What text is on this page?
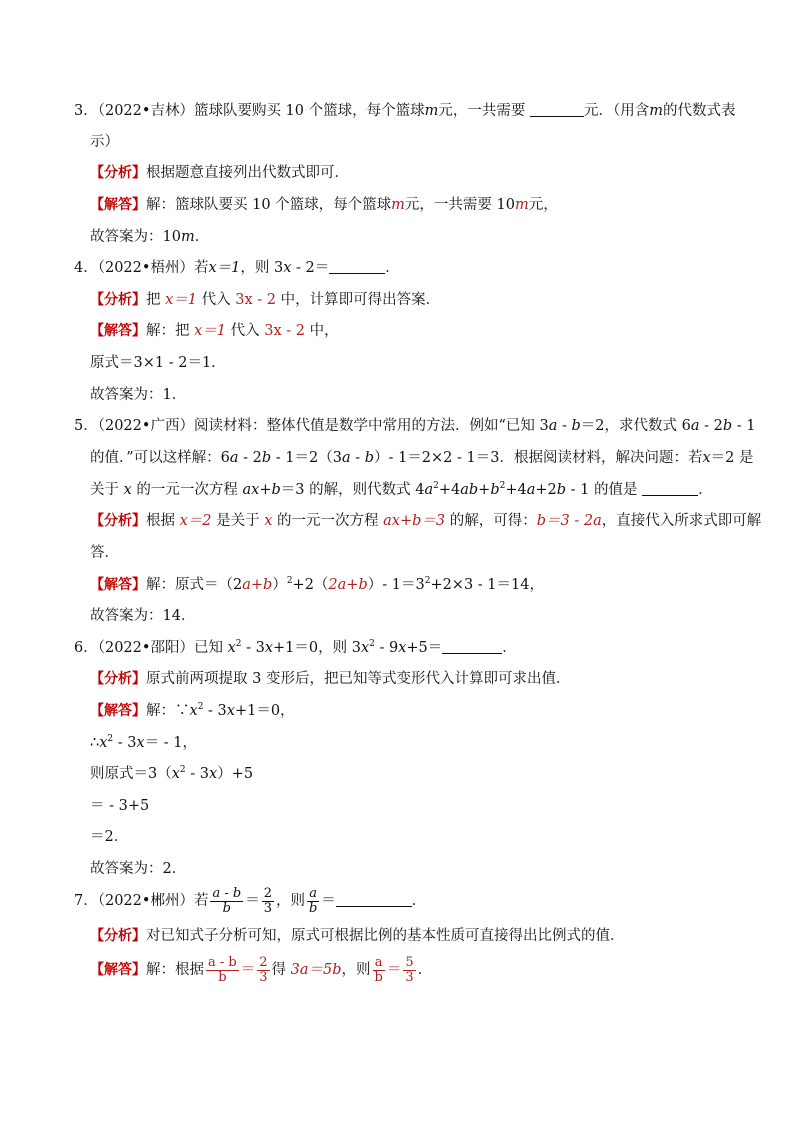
3．（2022•吉林）篮球队要购买 10 个篮球，每个篮球m元，一共需要	元．（用含m的代数式表
示）
【分析】根据题意直接列出代数式即可．
【解答】解：篮球队要买 10 个篮球，每个篮球m元，一共需要 10m元，
故答案为：10m．
4．（2022•梧州）若x＝1，则 3x - 2＝	．
【分析】把 x＝1 代入 3x - 2 中，计算即可得出答案．
【解答】解：把 x＝1 代入 3x - 2 中，
原式＝3×1 - 2＝1．
故答案为：1．
5．（2022•广西）阅读材料：整体代值是数学中常用的方法．例如“已知 3a - b＝2，求代数式 6a - 2b - 1
的值．”可以这样解：6a - 2b - 1＝2（3a - b）- 1＝2×2 - 1＝3．根据阅读材料，解决问题：若x＝2 是
关于 x 的一元一次方程 ax+b＝3 的解，则代数式 $4a^2+4ab+b^2+4a+2b - 1$ 的值是	．
【分析】根据 x＝2 是关于 x 的一元一次方程 ax+b＝3 的解，可得：b＝3 - 2a，直接代入所求式即可解
答．
【解答】解：原式$=(2a+b)^2+2(2a+b)-$ $1=3^2+2\times 3 - 1=14$，
故答案为：14．
6．（2022•邵阳）已知 $x^2 - 3x+1=0$，则 $3x^2 - 9x+5=$	．
【分析】原式前两项提取 3 变形后，把已知等式变形代入计算即可求出值．
【解答】解：$\because x^2 - 3x+1=0$，
$\therefore x^2 - 3x= - 1$，
则原式$=3(x^2 - 3x)+5$
＝ - 3+5
＝2．
故答案为：2．
7．（2022•郴州）若 $\frac{a - b}{b} = \frac{2}{3}$ ，则 $\frac{a}{b}$ ＝	．
【分析】对已知式子分析可知，原式可根据比例的基本性质可直接得出比例式的值．
【解答】解：根据 $\frac{a - b}{b} = \frac{2}{3}$ 得 3a＝5b，则 $\frac{a}{b} = \frac{5}{3}$ ．
